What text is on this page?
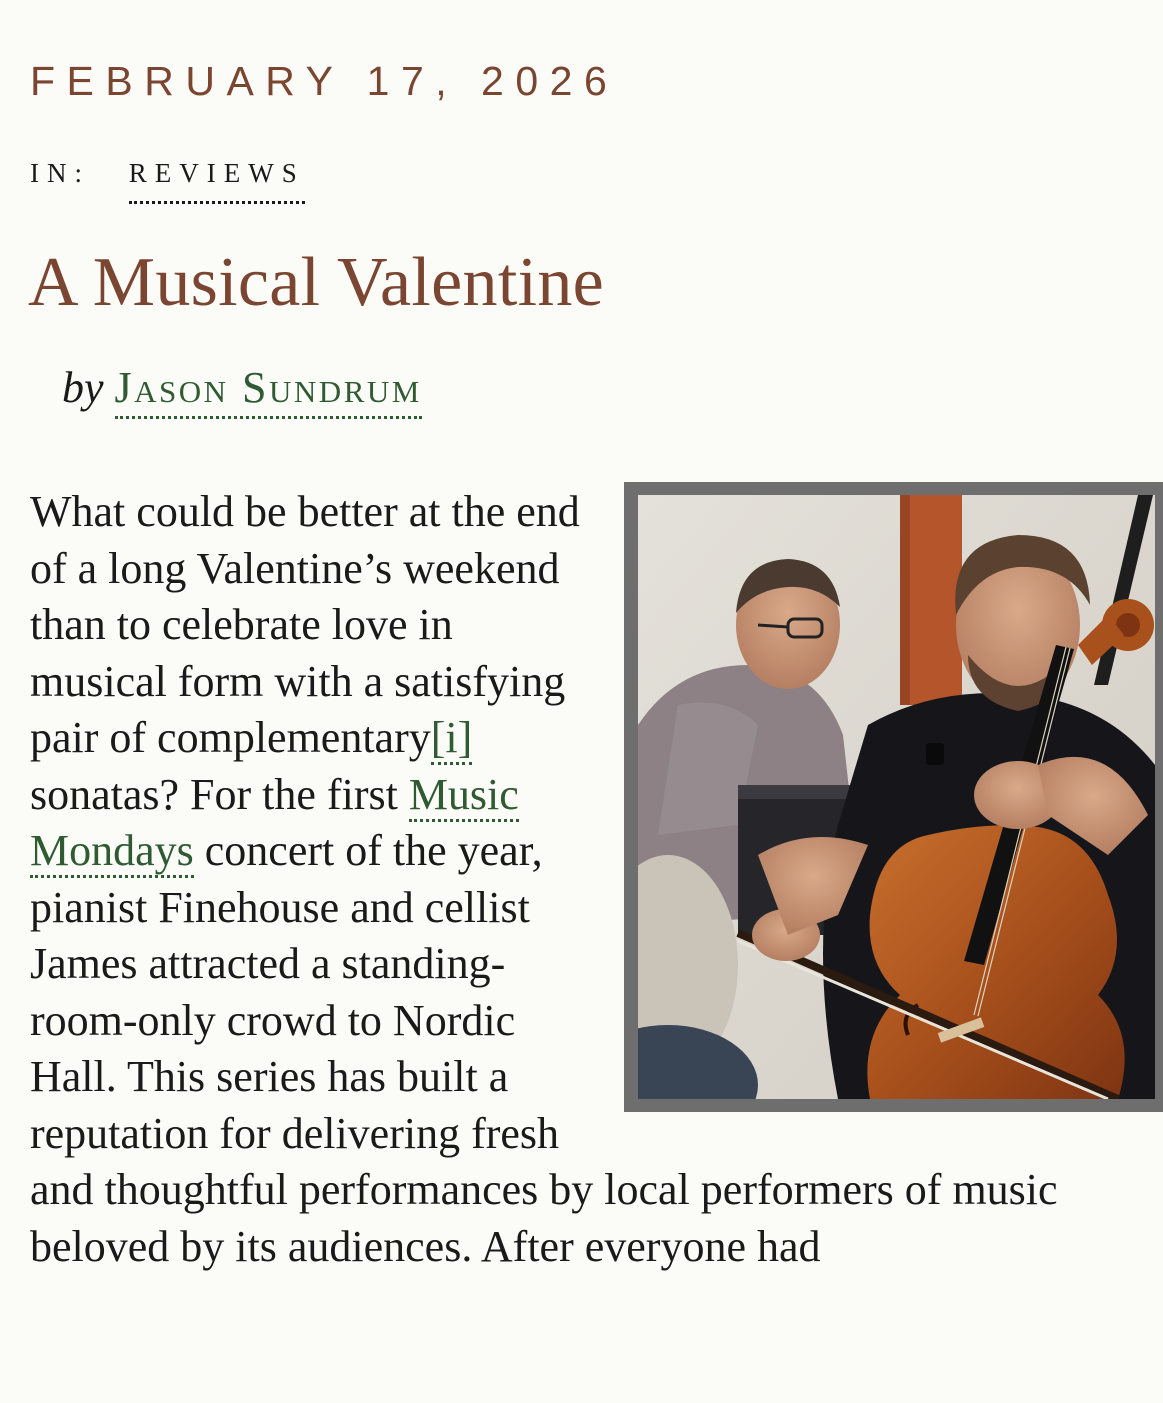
FEBRUARY 17, 2026
IN: REVIEWS
A Musical Valentine
by Jason Sundrum

What could be better at the end of a long Valentine’s weekend than to celebrate love in musical form with a satisfying pair of complementary[i] sonatas? For the first Music Mondays concert of the year, pianist Finehouse and cellist James attracted a standing-room-only crowd to Nordic Hall. This series has built a reputation for delivering fresh and thoughtful performances by local performers of music beloved by its audiences. After everyone had
